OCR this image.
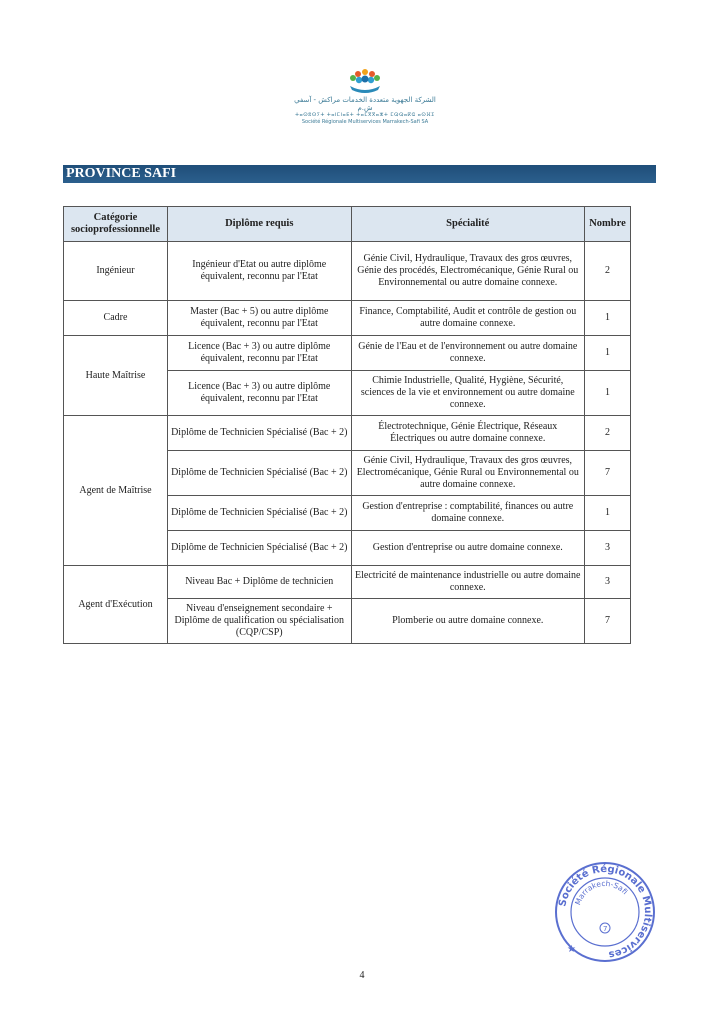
الشركة الجهوية متعددة الخدمات مراكش - آسفي ش.م
ⵜⴰⵙⵓⵙⵢⵜ ⵜⴰⵏⵎⵏⴰⴹⵜ ⵜⴰⵎⴳⴳⴰⵣⵜ ⵎⵕⵕⴰⴽⵛ ⴰⵙⴼⵉ
Société Régionale Multiservices Marrakech-Safi SA
PROVINCE SAFI
Catégorie socioprofessionnelle	Diplôme requis	Spécialité	Nombre
Ingénieur	Ingénieur d'Etat ou autre diplôme équivalent, reconnu par l'Etat	Génie Civil, Hydraulique, Travaux des gros œuvres, Génie des procédés, Electromécanique, Génie Rural ou Environnemental ou autre domaine connexe.	2
Cadre	Master (Bac + 5) ou autre diplôme équivalent, reconnu par l'Etat	Finance, Comptabilité, Audit et contrôle de gestion ou autre domaine connexe.	1
Haute Maîtrise	Licence (Bac + 3) ou autre diplôme équivalent, reconnu par l'Etat	Génie de l'Eau et de l'environnement ou autre domaine connexe.	1
	Licence (Bac + 3) ou autre diplôme équivalent, reconnu par l'Etat	Chimie Industrielle, Qualité, Hygiène, Sécurité, sciences de la vie et environnement ou autre domaine connexe.	1
Agent de Maîtrise	Diplôme de Technicien Spécialisé (Bac + 2)	Électrotechnique, Génie Électrique, Réseaux Électriques ou autre domaine connexe.	2
	Diplôme de Technicien Spécialisé (Bac + 2)	Génie Civil, Hydraulique, Travaux des gros œuvres, Electromécanique, Génie Rural ou Environnemental ou autre domaine connexe.	7
	Diplôme de Technicien Spécialisé (Bac + 2)	Gestion d'entreprise : comptabilité, finances ou autre domaine connexe.	1
	Diplôme de Technicien Spécialisé (Bac + 2)	Gestion d'entreprise ou autre domaine connexe.	3
Agent d'Exécution	Niveau Bac + Diplôme de technicien	Electricité de maintenance industrielle ou autre domaine connexe.	3
	Niveau d'enseignement secondaire + Diplôme de qualification ou spécialisation (CQP/CSP)	Plomberie ou autre domaine connexe.	7
Société Régionale Multiservices
Marrakech-Safi
7
★
4
